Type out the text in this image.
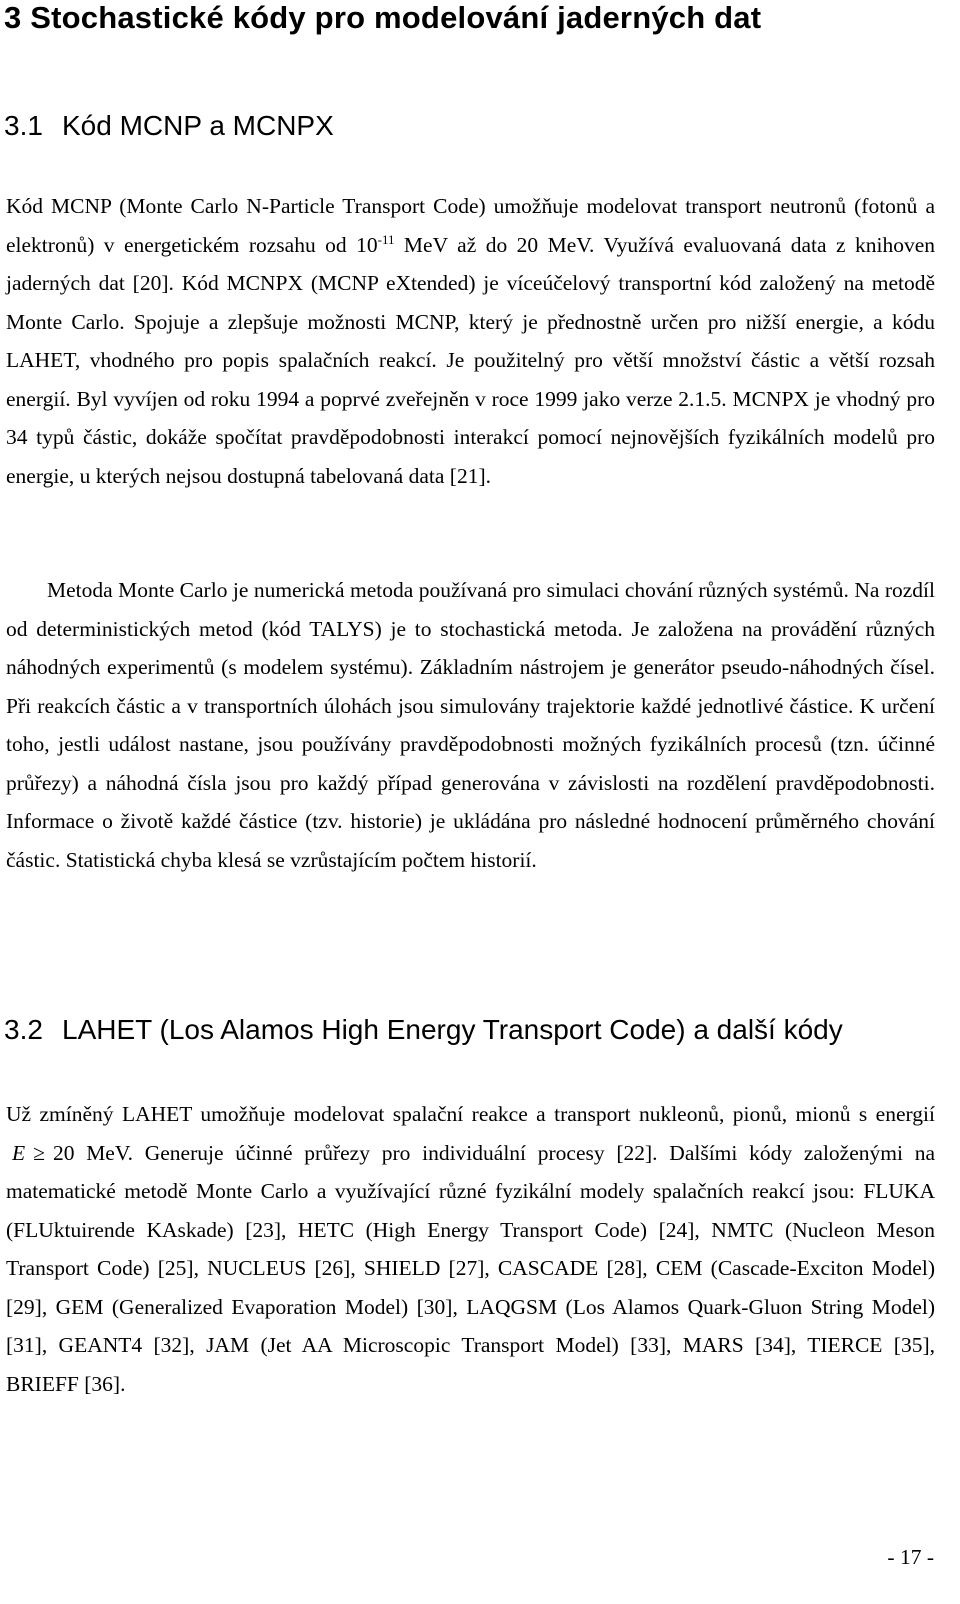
3 Stochastické kódy pro modelování jaderných dat
3.1 Kód MCNP a MCNPX

Kód MCNP (Monte Carlo N-Particle Transport Code) umožňuje modelovat transport neutronů (fotonů a elektronů) v energetickém rozsahu od $10^{-11}$ MeV až do 20 MeV. Využívá evaluovaná data z knihoven jaderných dat [20]. Kód MCNPX (MCNP eXtended) je víceúčelový transportní kód založený na metodě Monte Carlo. Spojuje a zlepšuje možnosti MCNP, který je přednostně určen pro nižší energie, a kódu LAHET, vhodného pro popis spalačních reakcí. Je použitelný pro větší množství částic a větší rozsah energií. Byl vyvíjen od roku 1994 a poprvé zveřejněn v roce 1999 jako verze 2.1.5. MCNPX je vhodný pro 34 typů částic, dokáže spočítat pravděpodobnosti interakcí pomocí nejnovějších fyzikálních modelů pro energie, u kterých nejsou dostupná tabelovaná data [21].

Metoda Monte Carlo je numerická metoda používaná pro simulaci chování různých systémů. Na rozdíl od deterministických metod (kód TALYS) je to stochastická metoda. Je založena na provádění různých náhodných experimentů (s modelem systému). Základním nástrojem je generátor pseudo-náhodných čísel. Při reakcích částic a v transportních úlohách jsou simulovány trajektorie každé jednotlivé částice. K určení toho, jestli událost nastane, jsou používány pravděpodobnosti možných fyzikálních procesů (tzn. účinné průřezy) a náhodná čísla jsou pro každý případ generována v závislosti na rozdělení pravděpodobnosti. Informace o životě každé částice (tzv. historie) je ukládána pro následné hodnocení průměrného chování částic. Statistická chyba klesá se vzrůstajícím počtem historií.

3.2 LAHET (Los Alamos High Energy Transport Code) a další kódy

Už zmíněný LAHET umožňuje modelovat spalační reakce a transport nukleonů, pionů, mionů s energií E ≥ 20 MeV. Generuje účinné průřezy pro individuální procesy [22]. Dalšími kódy založenými na matematické metodě Monte Carlo a využívající různé fyzikální modely spalačních reakcí jsou: FLUKA (FLUktuirende KAskade) [23], HETC (High Energy Transport Code) [24], NMTC (Nucleon Meson Transport Code) [25], NUCLEUS [26], SHIELD [27], CASCADE [28], CEM (Cascade-Exciton Model) [29], GEM (Generalized Evaporation Model) [30], LAQGSM (Los Alamos Quark-Gluon String Model) [31], GEANT4 [32], JAM (Jet AA Microscopic Transport Model) [33], MARS [34], TIERCE [35], BRIEFF [36].

- 17 -
